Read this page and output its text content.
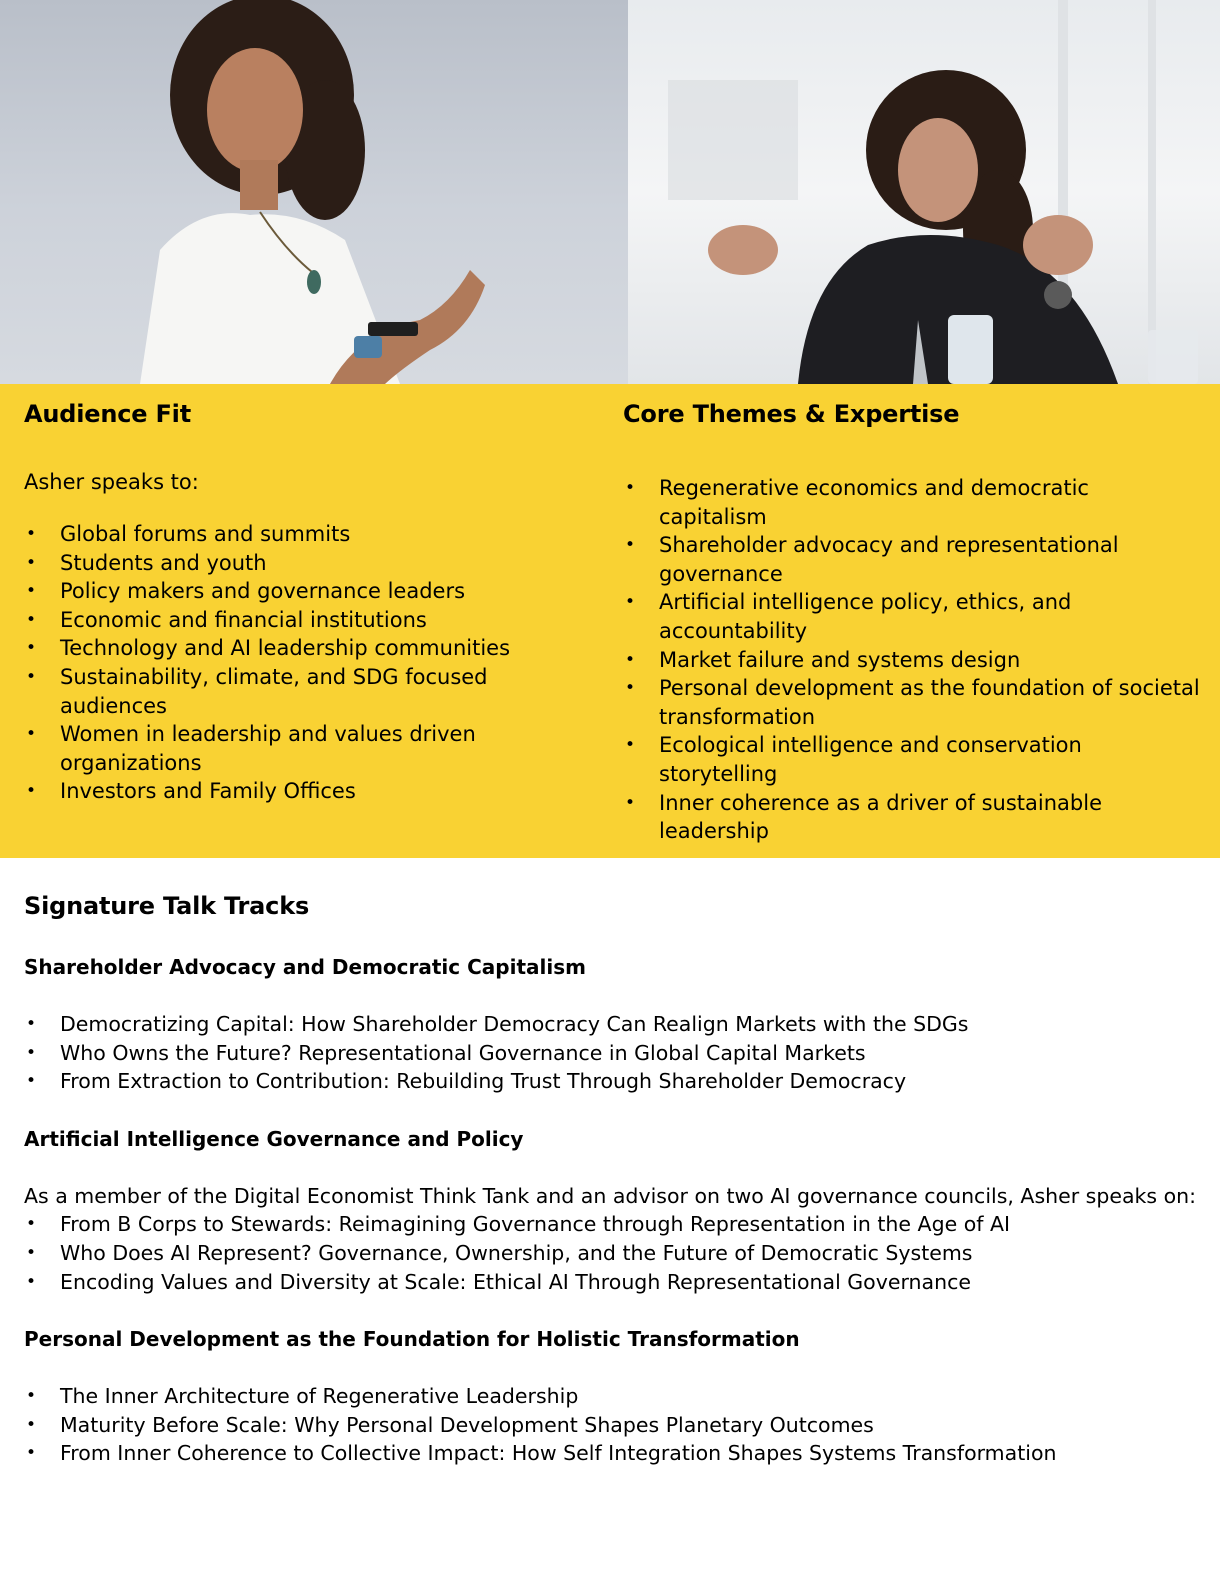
Audience Fit

Asher speaks to:

• Global forums and summits
• Students and youth
• Policy makers and governance leaders
• Economic and financial institutions
• Technology and AI leadership communities
• Sustainability, climate, and SDG focused audiences
• Women in leadership and values driven organizations
• Investors and Family Offices
Core Themes & Expertise
• Regenerative economics and democratic capitalism
• Shareholder advocacy and representational governance
• Artificial intelligence policy, ethics, and accountability
• Market failure and systems design
• Personal development as the foundation of societal transformation
• Ecological intelligence and conservation storytelling
• Inner coherence as a driver of sustainable leadership
Signature Talk Tracks
Shareholder Advocacy and Democratic Capitalism
• Democratizing Capital: How Shareholder Democracy Can Realign Markets with the SDGs
• Who Owns the Future? Representational Governance in Global Capital Markets
• From Extraction to Contribution: Rebuilding Trust Through Shareholder Democracy
Artificial Intelligence Governance and Policy

As a member of the Digital Economist Think Tank and an advisor on two AI governance councils, Asher speaks on:

• From B Corps to Stewards: Reimagining Governance through Representation in the Age of AI
• Who Does AI Represent? Governance, Ownership, and the Future of Democratic Systems
• Encoding Values and Diversity at Scale: Ethical AI Through Representational Governance
Personal Development as the Foundation for Holistic Transformation
• The Inner Architecture of Regenerative Leadership
• Maturity Before Scale: Why Personal Development Shapes Planetary Outcomes
• From Inner Coherence to Collective Impact: How Self Integration Shapes Systems Transformation
